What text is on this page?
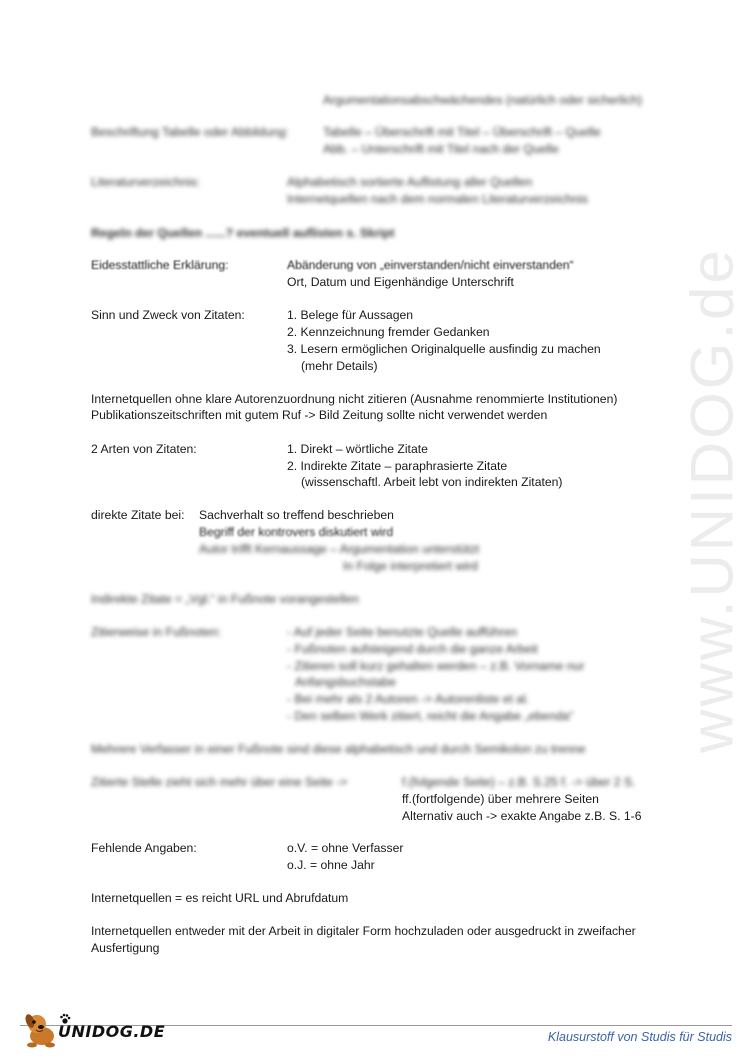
www.UNIDOG.de
Argumentationsabschwächendes (natürlich oder sicherlich)
Beschriftung Tabelle oder Abbildung:	Tabelle – Überschrift mit Titel – Überschrift – Quelle
Abb. – Unterschrift mit Titel nach der Quelle
Literaturverzeichnis:	Alphabetisch sortierte Auflistung aller Quellen
Internetquellen nach dem normalen Literaturverzeichnis
Regeln der Quellen ......? eventuell auflisten s. Skript
Eidesstattliche Erklärung:	Abänderung von „einverstanden/nicht einverstanden“
Ort, Datum und Eigenhändige Unterschrift
Sinn und Zweck von Zitaten:	1. Belege für Aussagen
2. Kennzeichnung fremder Gedanken
3. Lesern ermöglichen Originalquelle ausfindig zu machen
(mehr Details)
Internetquellen ohne klare Autorenzuordnung nicht zitieren (Ausnahme renommierte Institutionen)
Publikationszeitschriften mit gutem Ruf -> Bild Zeitung sollte nicht verwendet werden
2 Arten von Zitaten:	1. Direkt – wörtliche Zitate
2. Indirekte Zitate – paraphrasierte Zitate
(wissenschaftl. Arbeit lebt von indirekten Zitaten)
direkte Zitate bei: Sachverhalt so treffend beschrieben
Begriff der kontrovers diskutiert wird
Autor trifft Kernaussage – Argumentation unterstützt
In Folge interpretiert wird
Indirekte Zitate = „Vgl.“ in Fußnote vorangestellen
Zitierweise in Fußnoten:	- Auf jeder Seite benutzte Quelle aufführen
- Fußnoten aufsteigend durch die ganze Arbeit
- Zitieren soll kurz gehalten werden – z.B. Vorname nur
Anfangsbuchstabe
- Bei mehr als 2 Autoren -> Autorenliste et al.
- Den selben Werk zitiert, reicht die Angabe „ebenda“
Mehrere Verfasser in einer Fußnote sind diese alphabetisch und durch Semikolon zu trenne
Zitierte Stelle zieht sich mehr über eine Seite ->	f.(folgende Seite) – z.B. S.25 f. -> über 2 S.
ff.(fortfolgende) über mehrere Seiten
Alternativ auch -> exakte Angabe z.B. S. 1-6
Fehlende Angaben:	o.V. = ohne Verfasser
o.J. = ohne Jahr
Internetquellen = es reicht URL und Abrufdatum
Internetquellen entweder mit der Arbeit in digitaler Form hochzuladen oder ausgedruckt in zweifacher
Ausfertigung
UNIDOG.DE	Klausurstoff von Studis für Studis
